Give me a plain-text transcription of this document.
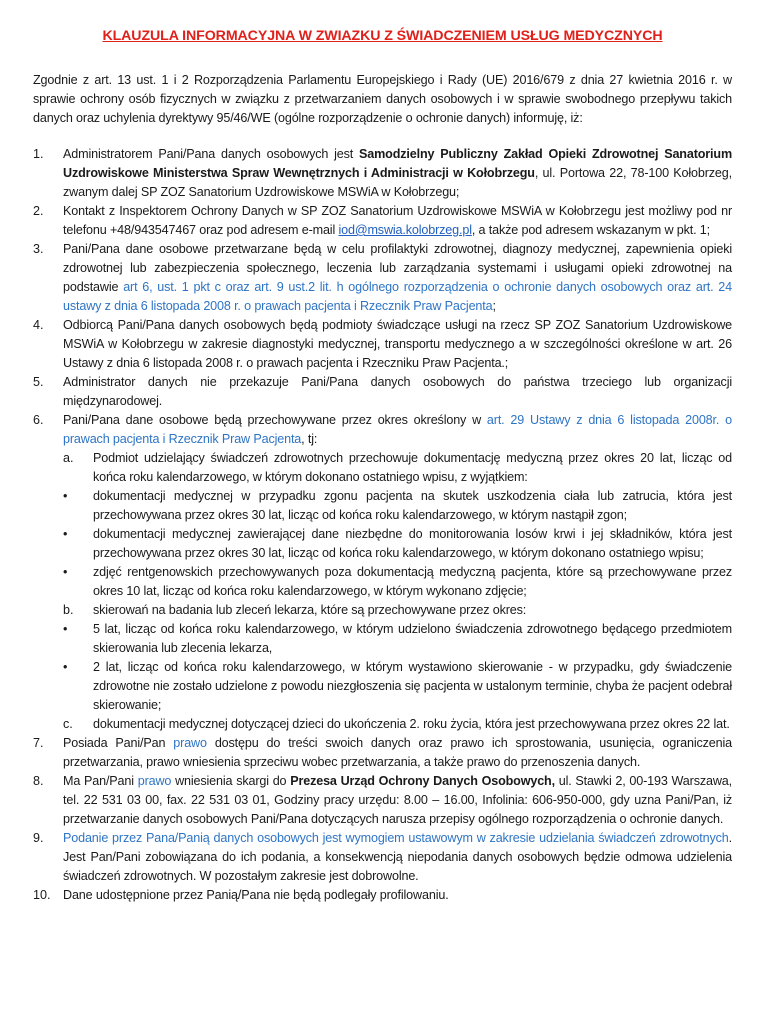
KLAUZULA INFORMACYJNA W ZWIAZKU Z ŚWIADCZENIEM USŁUG MEDYCZNYCH

Zgodnie z art. 13 ust. 1 i 2 Rozporządzenia Parlamentu Europejskiego i Rady (UE) 2016/679 z dnia 27 kwietnia 2016 r. w sprawie ochrony osób fizycznych w związku z przetwarzaniem danych osobowych i w sprawie swobodnego przepływu takich danych oraz uchylenia dyrektywy 95/46/WE (ogólne rozporządzenie o ochronie danych) informuję, iż:

1.	Administratorem Pani/Pana danych osobowych jest Samodzielny Publiczny Zakład Opieki Zdrowotnej Sanatorium Uzdrowiskowe Ministerstwa Spraw Wewnętrznych i Administracji w Kołobrzegu, ul. Portowa 22, 78-100 Kołobrzeg, zwanym dalej SP ZOZ Sanatorium Uzdrowiskowe MSWiA w Kołobrzegu;

2.	Kontakt z Inspektorem Ochrony Danych w SP ZOZ Sanatorium Uzdrowiskowe MSWiA w Kołobrzegu jest możliwy pod nr telefonu +48/943547467 oraz pod adresem e-mail iod@mswia.kolobrzeg.pl, a także pod adresem wskazanym w pkt. 1;

3.	Pani/Pana dane osobowe przetwarzane będą w celu profilaktyki zdrowotnej, diagnozy medycznej, zapewnienia opieki zdrowotnej lub zabezpieczenia społecznego, leczenia lub zarządzania systemami i usługami opieki zdrowotnej na podstawie art 6, ust. 1 pkt c oraz art. 9 ust.2 lit. h ogólnego rozporządzenia o ochronie danych osobowych oraz art. 24 ustawy z dnia 6 listopada 2008 r. o prawach pacjenta i Rzecznik Praw Pacjenta;

4.	Odbiorcą Pani/Pana danych osobowych będą podmioty świadczące usługi na rzecz SP ZOZ Sanatorium Uzdrowiskowe MSWiA w Kołobrzegu w zakresie diagnostyki medycznej, transportu medycznego a w szczególności określone w art. 26 Ustawy z dnia 6 listopada 2008 r. o prawach pacjenta i Rzeczniku Praw Pacjenta.;

5.	Administrator danych nie przekazuje Pani/Pana danych osobowych do państwa trzeciego lub organizacji międzynarodowej.

6.	Pani/Pana dane osobowe będą przechowywane przez okres określony w art. 29 Ustawy z dnia 6 listopada 2008r. o prawach pacjenta i Rzecznik Praw Pacjenta, tj:

a.	Podmiot udzielający świadczeń zdrowotnych przechowuje dokumentację medyczną przez okres 20 lat, licząc od końca roku kalendarzowego, w którym dokonano ostatniego wpisu, z wyjątkiem:

•	dokumentacji medycznej w przypadku zgonu pacjenta na skutek uszkodzenia ciała lub zatrucia, która jest przechowywana przez okres 30 lat, licząc od końca roku kalendarzowego, w którym nastąpił zgon;

•	dokumentacji medycznej zawierającej dane niezbędne do monitorowania losów krwi i jej składników, która jest przechowywana przez okres 30 lat, licząc od końca roku kalendarzowego, w którym dokonano ostatniego wpisu;

•	zdjęć rentgenowskich przechowywanych poza dokumentacją medyczną pacjenta, które są przechowywane przez okres 10 lat, licząc od końca roku kalendarzowego, w którym wykonano zdjęcie;

b.	skierowań na badania lub zleceń lekarza, które są przechowywane przez okres:

•	5 lat, licząc od końca roku kalendarzowego, w którym udzielono świadczenia zdrowotnego będącego przedmiotem skierowania lub zlecenia lekarza,

•	2 lat, licząc od końca roku kalendarzowego, w którym wystawiono skierowanie - w przypadku, gdy świadczenie zdrowotne nie zostało udzielone z powodu niezgłoszenia się pacjenta w ustalonym terminie, chyba że pacjent odebrał skierowanie;

c.	dokumentacji medycznej dotyczącej dzieci do ukończenia 2. roku życia, która jest przechowywana przez okres 22 lat.

7.	Posiada Pani/Pan prawo dostępu do treści swoich danych oraz prawo ich sprostowania, usunięcia, ograniczenia przetwarzania, prawo wniesienia sprzeciwu wobec przetwarzania, a także prawo do przenoszenia danych.

8.	Ma Pan/Pani prawo wniesienia skargi do Prezesa Urząd Ochrony Danych Osobowych, ul. Stawki 2, 00-193 Warszawa, tel. 22 531 03 00, fax. 22 531 03 01, Godziny pracy urzędu: 8.00 – 16.00, Infolinia: 606-950-000, gdy uzna Pani/Pan, iż przetwarzanie danych osobowych Pani/Pana dotyczących narusza przepisy ogólnego rozporządzenia o ochronie danych.

9.	Podanie przez Pana/Panią danych osobowych jest wymogiem ustawowym w zakresie udzielania świadczeń zdrowotnych. Jest Pan/Pani zobowiązana do ich podania, a konsekwencją niepodania danych osobowych będzie odmowa udzielenia świadczeń zdrowotnych. W pozostałym zakresie jest dobrowolne.

10. Dane udostępnione przez Panią/Pana nie będą podlegały profilowaniu.
